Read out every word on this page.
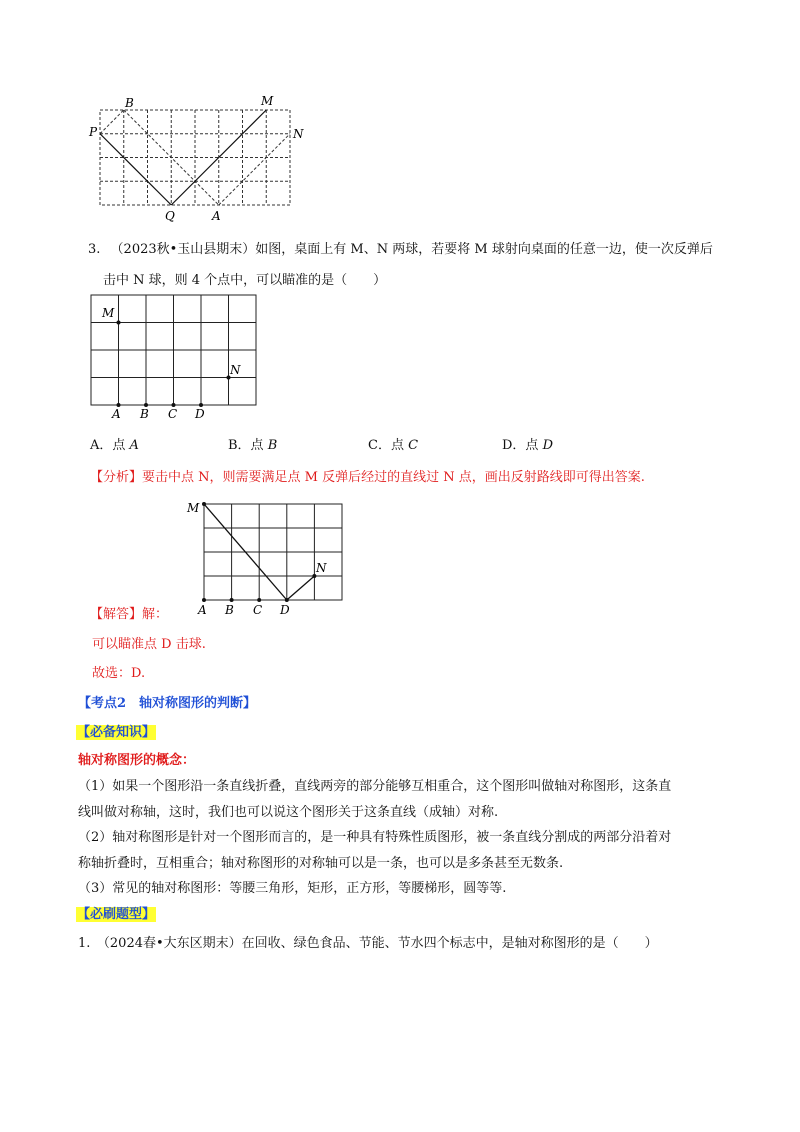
B	M
P	N
Q	A
3. （2023秋•玉山县期末）如图，桌面上有 M、N 两球，若要将 M 球射向桌面的任意一边，使一次反弹后
击中 N 球，则 4 个点中，可以瞄准的是（　　）
M
N
A B C D
A．点 A	B．点 B	C．点 C	D．点 D
【分析】要击中点 N，则需要满足点 M 反弹后经过的直线过 N 点，画出反射路线即可得出答案.
M
N
A B C D
【解答】解：
可以瞄准点 D 击球.
故选：D.
【考点2　轴对称图形的判断】
【必备知识】
轴对称图形的概念：
（1）如果一个图形沿一条直线折叠，直线两旁的部分能够互相重合，这个图形叫做轴对称图形，这条直
线叫做对称轴，这时，我们也可以说这个图形关于这条直线（成轴）对称.
（2）轴对称图形是针对一个图形而言的，是一种具有特殊性质图形，被一条直线分割成的两部分沿着对
称轴折叠时，互相重合；轴对称图形的对称轴可以是一条，也可以是多条甚至无数条.
（3）常见的轴对称图形：等腰三角形，矩形，正方形，等腰梯形，圆等等.
【必刷题型】
1.　（2024春•大东区期末）在回收、绿色食品、节能、节水四个标志中，是轴对称图形的是（　　）
